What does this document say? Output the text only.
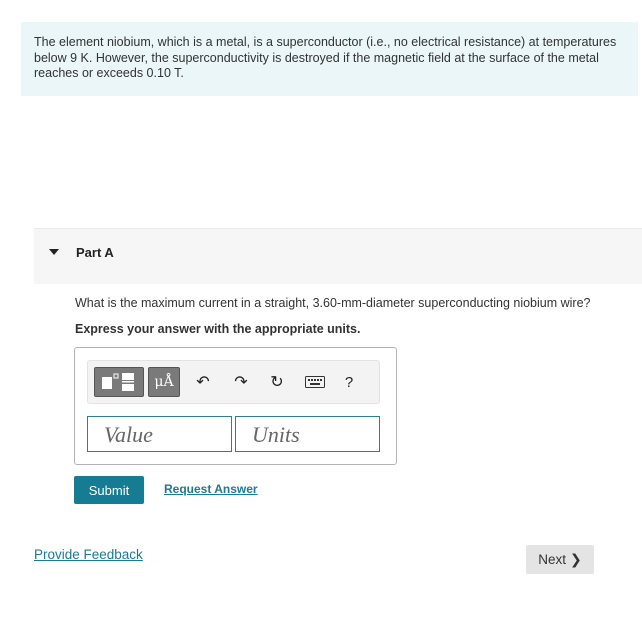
The element niobium, which is a metal, is a superconductor (i.e., no electrical resistance) at temperatures below 9 K. However, the superconductivity is destroyed if the magnetic field at the surface of the metal reaches or exceeds 0.10 T.
Part A
What is the maximum current in a straight, 3.60-mm-diameter superconducting niobium wire?
Express your answer with the appropriate units.
μÅ	↶	↷	↻	?
Value	Units
Submit	Request Answer
Provide Feedback	Next ❯
